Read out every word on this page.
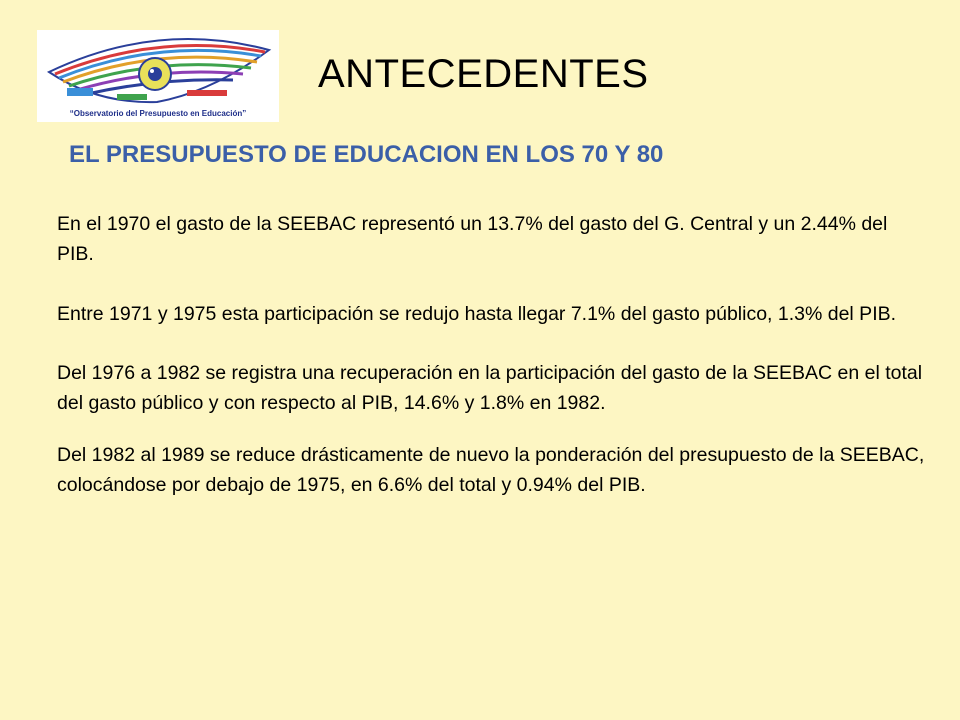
“Observatorio del Presupuesto en Educación”
ANTECEDENTES
EL PRESUPUESTO DE EDUCACION EN LOS 70 Y 80

En el 1970 el gasto de la SEEBAC representó un 13.7% del gasto del G. Central y un 2.44% del PIB.

Entre 1971 y 1975 esta participación se redujo hasta llegar 7.1% del gasto público, 1.3% del PIB.

Del 1976 a 1982 se registra una recuperación en la participación del gasto de la SEEBAC en el total del gasto público y con respecto al PIB, 14.6% y 1.8% en 1982.

Del 1982 al 1989 se reduce drásticamente de nuevo la ponderación del presupuesto de la SEEBAC, colocándose por debajo de 1975, en 6.6% del total y 0.94% del PIB.
